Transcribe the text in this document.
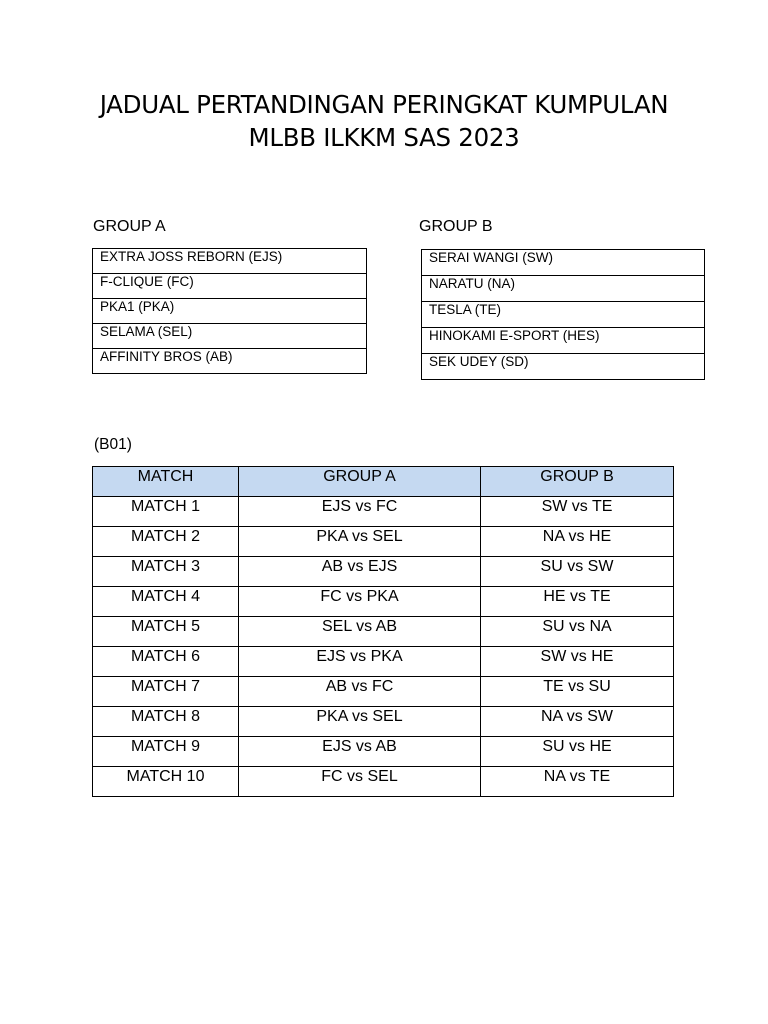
JADUAL PERTANDINGAN PERINGKAT KUMPULAN
MLBB ILKKM SAS 2023
GROUP A	GROUP B
EXTRA JOSS REBORN (EJS)
F-CLIQUE (FC)
PKA1 (PKA)
SELAMA (SEL)
AFFINITY BROS (AB)
SERAI WANGI (SW)
NARATU (NA)
TESLA (TE)
HINOKAMI E-SPORT (HES)
SEK UDEY (SD)
(B01)
MATCH	GROUP A	GROUP B
MATCH 1	EJS vs FC	SW vs TE
MATCH 2	PKA vs SEL	NA vs HE
MATCH 3	AB vs EJS	SU vs SW
MATCH 4	FC vs PKA	HE vs TE
MATCH 5	SEL vs AB	SU vs NA
MATCH 6	EJS vs PKA	SW vs HE
MATCH 7	AB vs FC	TE vs SU
MATCH 8	PKA vs SEL	NA vs SW
MATCH 9	EJS vs AB	SU vs HE
MATCH 10	FC vs SEL	NA vs TE
